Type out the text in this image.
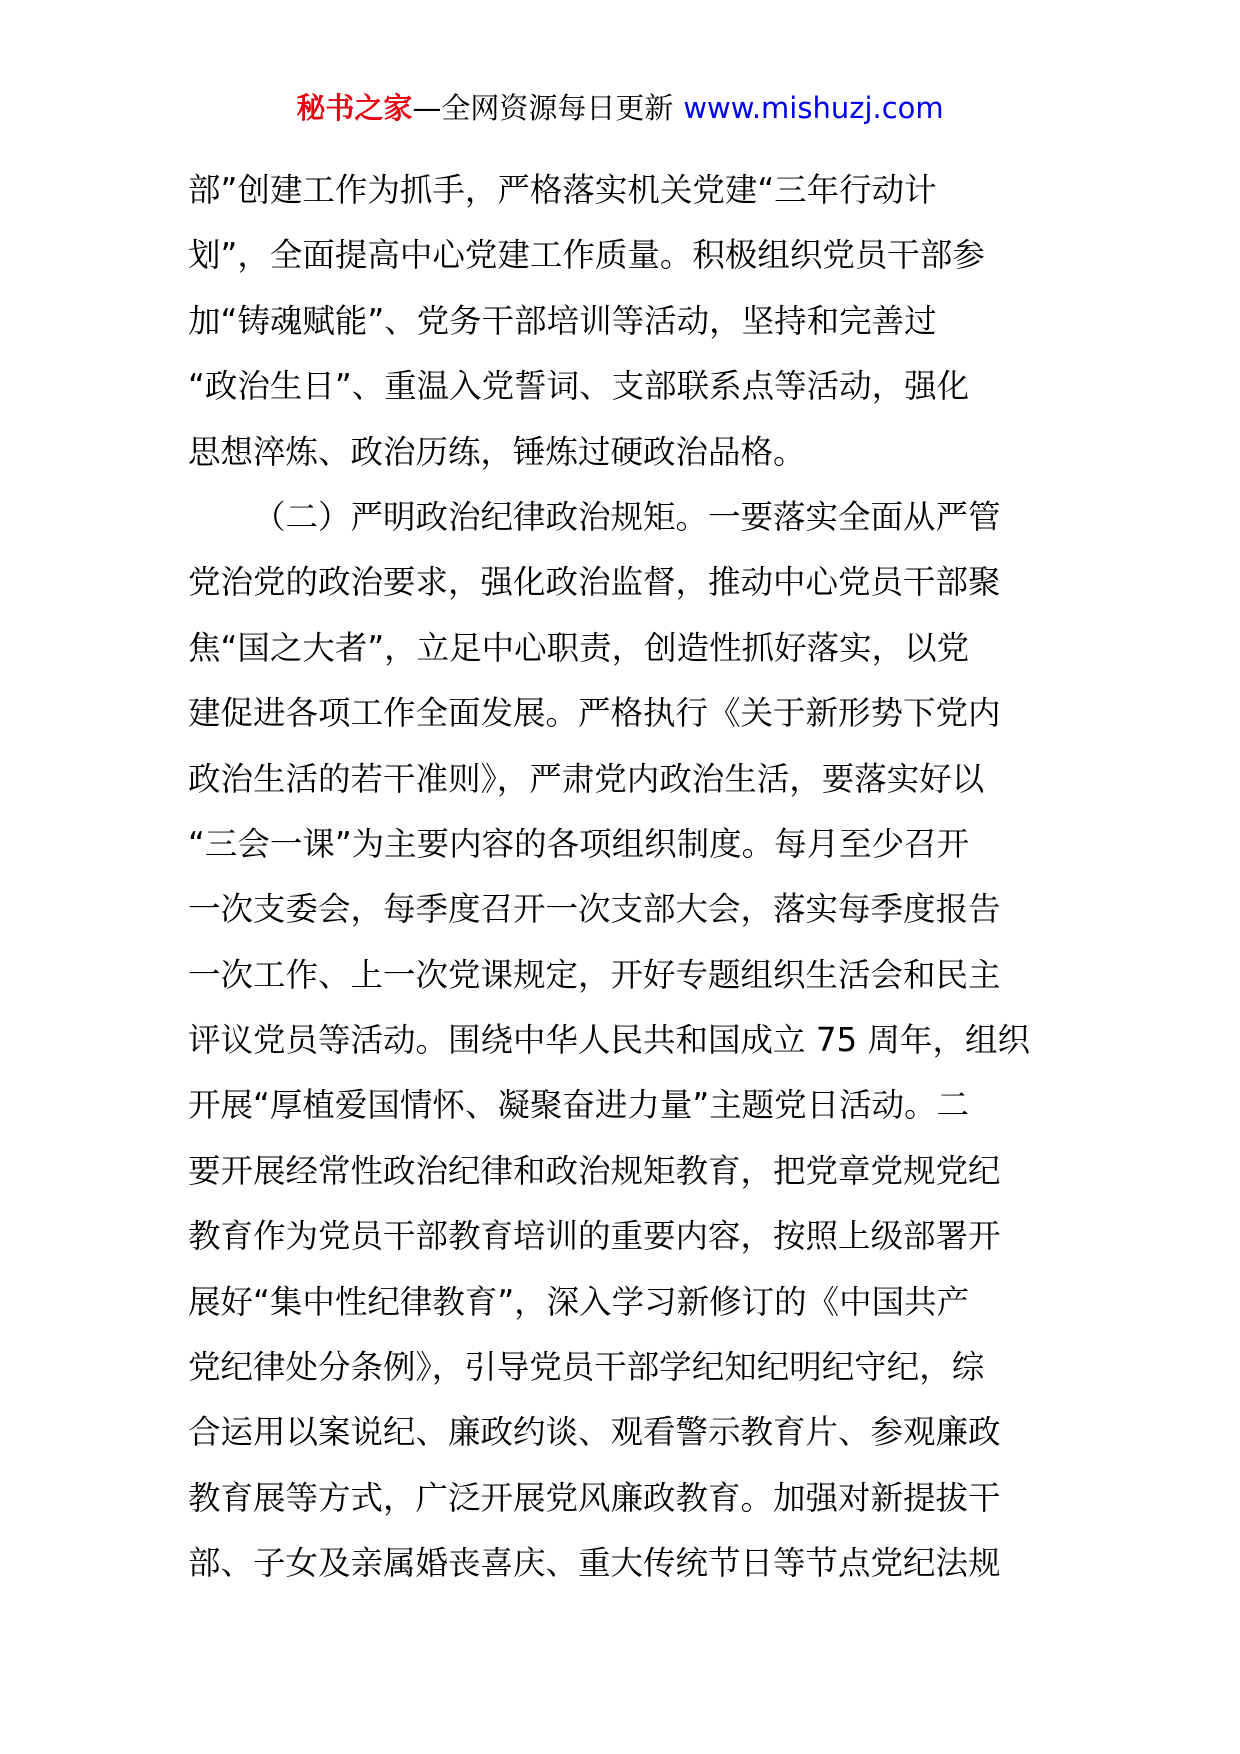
秘书之家—全网资源每日更新 www.mishuzj.com
部”创建工作为抓手，严格落实机关党建“三年行动计
划”，全面提高中心党建工作质量。积极组织党员干部参
加“铸魂赋能”、党务干部培训等活动，坚持和完善过
“政治生日”、重温入党誓词、支部联系点等活动，强化
思想淬炼、政治历练，锤炼过硬政治品格。
（二）严明政治纪律政治规矩。一要落实全面从严管
党治党的政治要求，强化政治监督，推动中心党员干部聚
焦“国之大者”，立足中心职责，创造性抓好落实，以党
建促进各项工作全面发展。严格执行《关于新形势下党内
政治生活的若干准则》，严肃党内政治生活，要落实好以
“三会一课”为主要内容的各项组织制度。每月至少召开
一次支委会，每季度召开一次支部大会，落实每季度报告
一次工作、上一次党课规定，开好专题组织生活会和民主
评议党员等活动。围绕中华人民共和国成立 75 周年，组织
开展“厚植爱国情怀、凝聚奋进力量”主题党日活动。二
要开展经常性政治纪律和政治规矩教育，把党章党规党纪
教育作为党员干部教育培训的重要内容，按照上级部署开
展好“集中性纪律教育”，深入学习新修订的《中国共产
党纪律处分条例》，引导党员干部学纪知纪明纪守纪，综
合运用以案说纪、廉政约谈、观看警示教育片、参观廉政
教育展等方式，广泛开展党风廉政教育。加强对新提拔干
部、子女及亲属婚丧喜庆、重大传统节日等节点党纪法规
